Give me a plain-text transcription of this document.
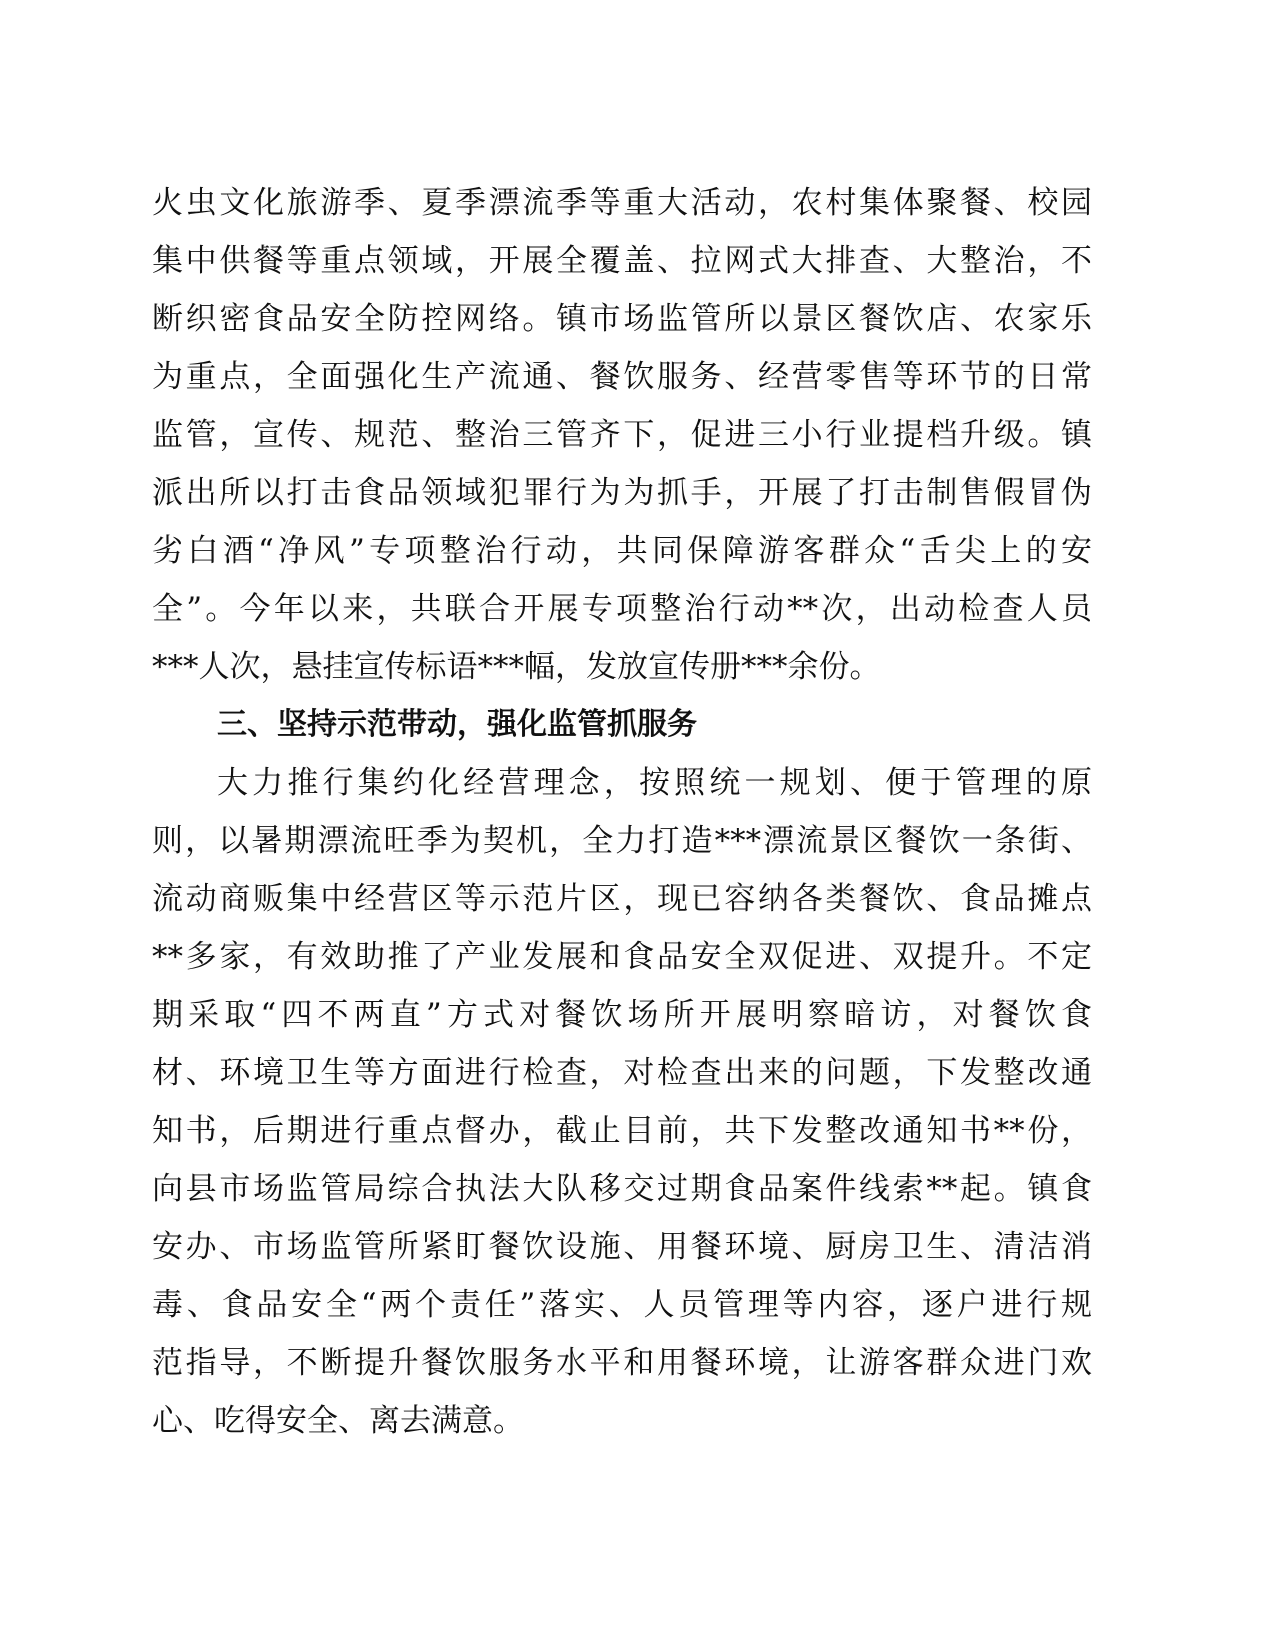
火虫文化旅游季、夏季漂流季等重大活动，农村集体聚餐、校园
集中供餐等重点领域，开展全覆盖、拉网式大排查、大整治，不
断织密食品安全防控网络。镇市场监管所以景区餐饮店、农家乐
为重点，全面强化生产流通、餐饮服务、经营零售等环节的日常
监管，宣传、规范、整治三管齐下，促进三小行业提档升级。镇
派出所以打击食品领域犯罪行为为抓手，开展了打击制售假冒伪
劣白酒“净风”专项整治行动，共同保障游客群众“舌尖上的安
全”。今年以来，共联合开展专项整治行动**次，出动检查人员
***人次，悬挂宣传标语***幅，发放宣传册***余份。
三、坚持示范带动，强化监管抓服务
大力推行集约化经营理念，按照统一规划、便于管理的原
则，以暑期漂流旺季为契机，全力打造***漂流景区餐饮一条街、
流动商贩集中经营区等示范片区，现已容纳各类餐饮、食品摊点
**多家，有效助推了产业发展和食品安全双促进、双提升。不定
期采取“四不两直”方式对餐饮场所开展明察暗访，对餐饮食
材、环境卫生等方面进行检查，对检查出来的问题，下发整改通
知书，后期进行重点督办，截止目前，共下发整改通知书**份，
向县市场监管局综合执法大队移交过期食品案件线索**起。镇食
安办、市场监管所紧盯餐饮设施、用餐环境、厨房卫生、清洁消
毒、食品安全“两个责任”落实、人员管理等内容，逐户进行规
范指导，不断提升餐饮服务水平和用餐环境，让游客群众进门欢
心、吃得安全、离去满意。
